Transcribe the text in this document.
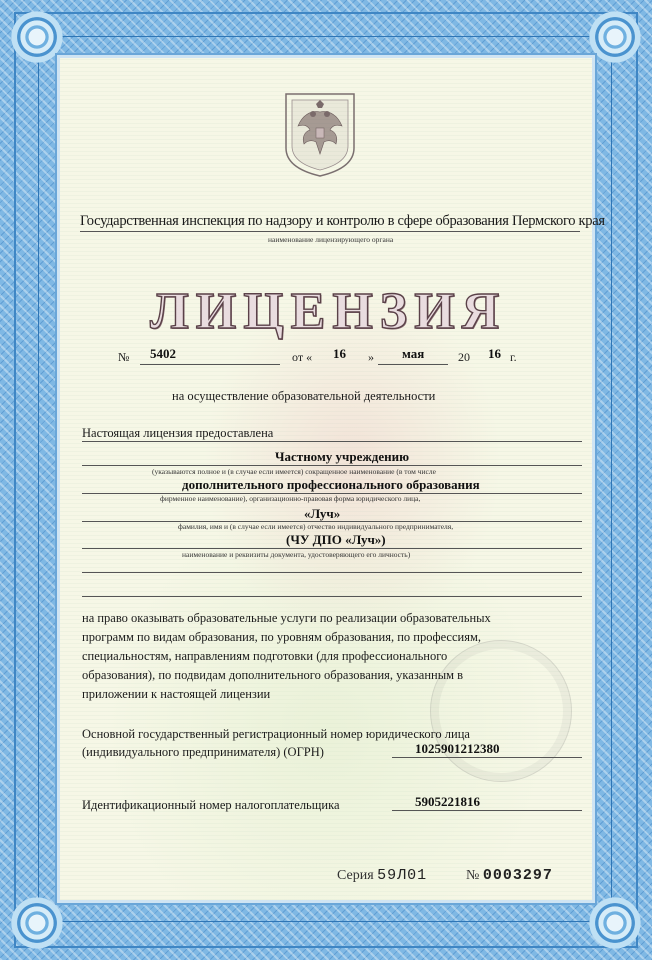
Государственная инспекция по надзору и контролю в сфере образования Пермского края
наименование лицензирующего органа
ЛИЦЕНЗИЯ
№ 5402	от « 16 » мая	20 16 г.
на осуществление образовательной деятельности
Настоящая лицензия предоставлена
Частному учреждению
(указываются полное и (в случае если имеется) сокращенное наименование (в том числе
дополнительного профессионального образования
фирменное наименование), организационно-правовая форма юридического лица,
«Луч»
фамилия, имя и (в случае если имеется) отчество индивидуального предпринимателя,
(ЧУ ДПО «Луч»)
наименование и реквизиты документа, удостоверяющего его личность)
на право оказывать образовательные услуги по реализации образовательных
программ по видам образования, по уровням образования, по профессиям,
специальностям, направлениям подготовки (для профессионального
образования), по подвидам дополнительного образования, указанным в
приложении к настоящей лицензии
Основной государственный регистрационный номер юридического лица
(индивидуального предпринимателя) (ОГРН)	1025901212380
Идентификационный номер налогоплательщика	5905221816
Серия 59Л01	№ 0003297
